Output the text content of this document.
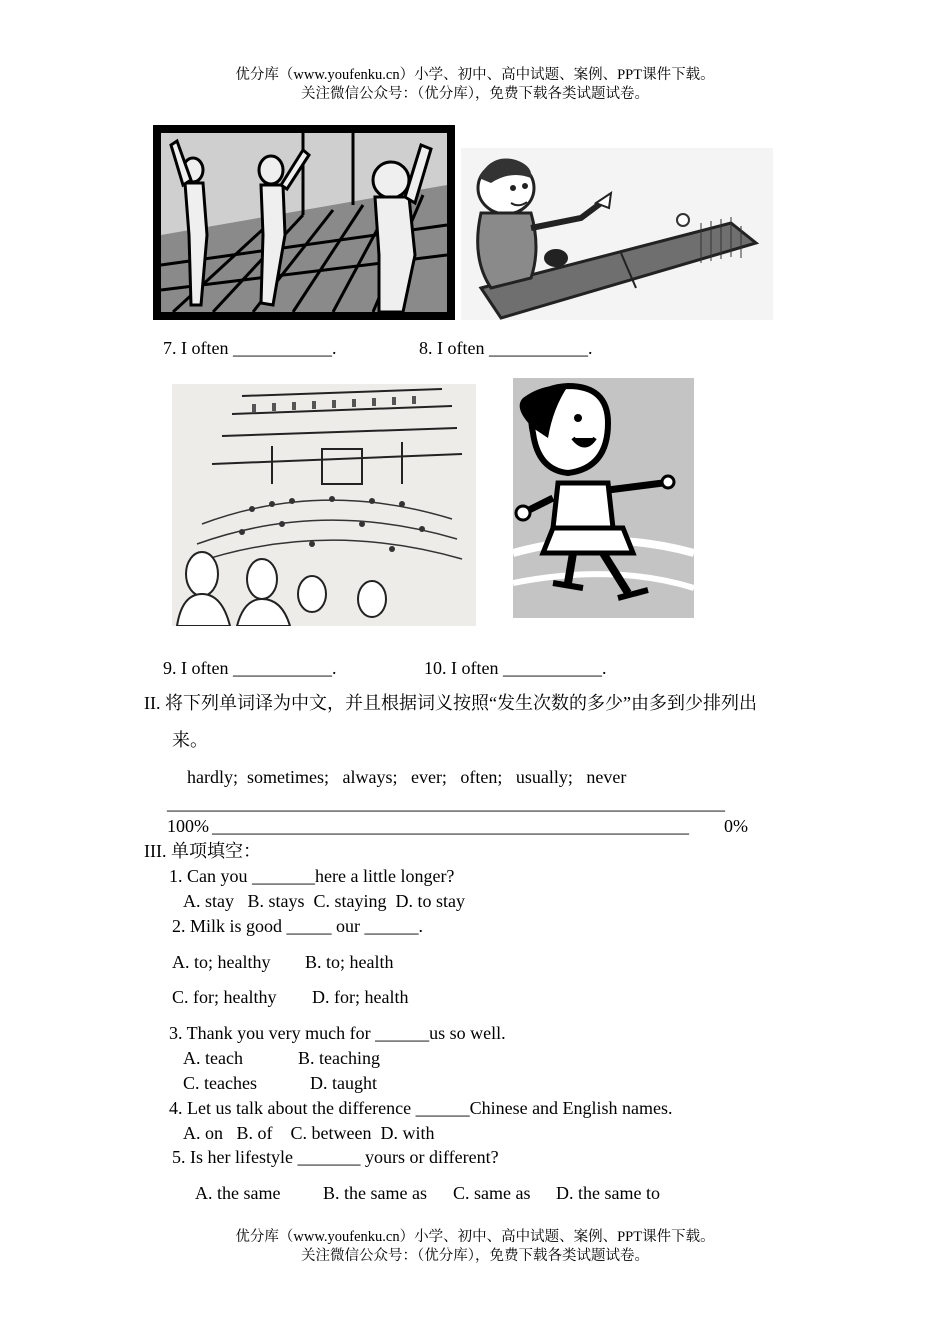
优分库（www.youfenku.cn）小学、初中、高中试题、案例、PPT课件下载。
关注微信公众号：（优分库），免费下载各类试题试卷。
7. I often ___________.	8. I often ___________.
9. I often ___________.	10. I often ___________.
II. 将下列单词译为中文，并且根据词义按照“发生次数的多少”由多到少排列出
来。
hardly;  sometimes;   always;   ever;   often;   usually;   never
______________________________________________________________
100% _____________________________________________________ 0%
III. 单项填空：
1. Can you _______here a little longer?
A. stay   B. stays  C. staying  D. to stay
2. Milk is good _____ our ______.
A. to; healthy B. to; health
C. for; healthy D. for; health
3. Thank you very much for ______us so well.
A. teach	B. teaching
C. teaches	D. taught
4. Let us talk about the difference ______Chinese and English names.
A. on   B. of    C. between  D. with
5. Is her lifestyle _______ yours or different?
A. the same B. the same as C. same as D. the same to
优分库（www.youfenku.cn）小学、初中、高中试题、案例、PPT课件下载。
关注微信公众号：（优分库），免费下载各类试题试卷。
